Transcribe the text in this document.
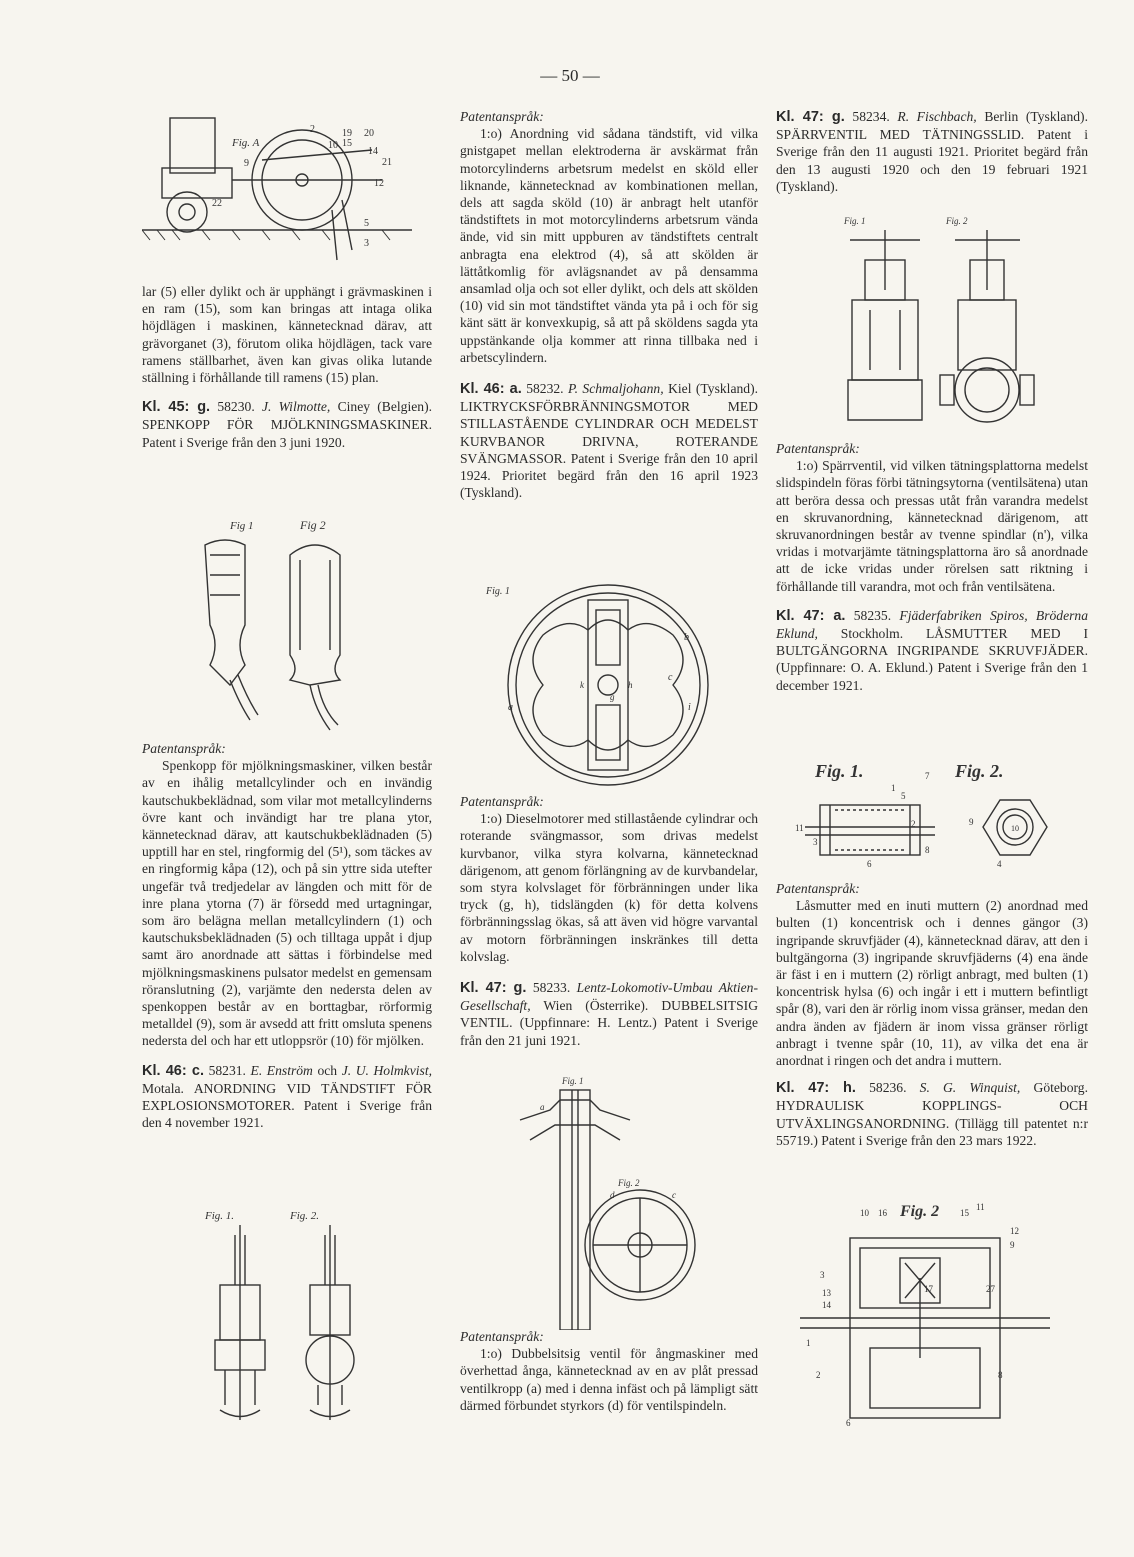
— 50 —
Fig. A
2	19 20
10 15
14
21
9
12
22
5
3

lar (5) eller dylikt och är upphängt i grävmaskinen i en ram (15), som kan bringas att intaga olika höjdlägen i maskinen, kännetecknad därav, att grävorganet (3), förutom olika höjdlägen, tack vare ramens ställbarhet, även kan givas olika lutande ställning i förhållande till ramens (15) plan.

Kl. 45: g. 58230. J. Wilmotte, Ciney (Belgien). SPENKOPP FÖR MJÖLKNINGSMASKINER. Patent i Sverige från den 3 juni 1920.

Fig 1	Fig 2

Patentanspråk:

Spenkopp för mjölkningsmaskiner, vilken består av en ihålig metallcylinder och en invändig kautschukbeklädnad, som vilar mot metallcylinderns övre kant och invändigt har tre plana ytor, kännetecknad därav, att kautschukbeklädnaden (5) upptill har en stel, ringformig del (5¹), som täckes av en ringformig kåpa (12), och på sin yttre sida utefter ungefär två tredjedelar av längden och mitt för de inre plana ytorna (7) är försedd med urtagningar, som äro belägna mellan metallcylindern (1) och kautschuksbeklädnaden (5) och tilltaga uppåt i djup samt äro anordnade att sättas i förbindelse med mjölkningsmaskinens pulsator medelst en gemensam röranslutning (2), varjämte den nedersta delen av spenkoppen består av en borttagbar, rörformig metalldel (9), som är avsedd att fritt omsluta spenens nedersta del och har ett utloppsrör (10) för mjölken.

Kl. 46: c. 58231. E. Enström och J. U. Holmkvist, Motala. ANORDNING VID TÄNDSTIFT FÖR EXPLOSIONSMOTORER. Patent i Sverige från den 4 november 1921.

Fig. 1.	Fig. 2.

Patentanspråk:

1:o) Anordning vid sådana tändstift, vid vilka gnistgapet mellan elektroderna är avskärmat från motorcylinderns arbetsrum medelst en sköld eller liknande, kännetecknad av kombinationen mellan, dels att sagda sköld (10) är anbragt helt utanför tändstiftets in mot motorcylinderns arbetsrum vända ände, vid sin mitt uppburen av tändstiftets centralt anbragta ena elektrod (4), så att skölden är lättåtkomlig för avlägsnandet av på densamma ansamlad olja och sot eller dylikt, och dels att skölden (10) vid sin mot tändstiftet vända yta på i och för sig känt sätt är konvexkupig, så att på sköldens sagda yta uppstänkande olja kommer att rinna tillbaka ned i arbetscylindern.

Kl. 46: a. 58232. P. Schmaljohann, Kiel (Tyskland). LIKTRYCKSFÖRBRÄNNINGSMOTOR MED STILLASTÅENDE CYLINDRAR OCH MEDELST KURVBANOR DRIVNA, ROTERANDE SVÄNGMASSOR. Patent i Sverige från den 10 april 1924. Prioritet begärd från den 16 april 1923 (Tyskland).

Fig. 1
b
c
k	h
g
a	i

Patentanspråk:

1:o) Dieselmotorer med stillastående cylindrar och roterande svängmassor, som drivas medelst kurvbanor, vilka styra kolvarna, kännetecknad därigenom, att genom förlängning av de kurvbandelar, som styra kolvslaget för förbränningen under lika tryck (g, h), tidslängden (k) för detta kolvens förbränningsslag ökas, så att även vid högre varvantal av motorn förbränningen inskränkes till detta kolvslag.

Kl. 47: g. 58233. Lentz-Lokomotiv-Umbau Aktien-Gesellschaft, Wien (Österrike). DUBBELSITSIG VENTIL. (Uppfinnare: H. Lentz.) Patent i Sverige från den 21 juni 1921.

Fig. 1
Fig. 2
a
d	c

Patentanspråk:

1:o) Dubbelsitsig ventil för ångmaskiner med överhettad ånga, kännetecknad av en av plåt pressad ventilkropp (a) med i denna infäst och på lämpligt sätt därmed förbundet styrkors (d) för ventilspindeln.

Kl. 47: g. 58234. R. Fischbach, Berlin (Tyskland). SPÄRRVENTIL MED TÄTNINGSSLID. Patent i Sverige från den 11 augusti 1921. Prioritet begärd från den 13 augusti 1920 och den 19 februari 1921 (Tyskland).

Fig. 1	Fig. 2

Patentanspråk:

1:o) Spärrventil, vid vilken tätningsplattorna medelst slidspindeln föras förbi tätningsytorna (ventilsätena) utan att beröra dessa och pressas utåt från varandra medelst en skruvanordning, kännetecknad därigenom, att skruvanordningen består av tvenne spindlar (n'), vilka vridas i motvarjämte tätningsplattorna äro så anordnade att de icke vridas under rörelsen satt riktning i förhållande till varandra, mot och från ventilsätena.

Kl. 47: a. 58235. Fjäderfabriken Spiros, Bröderna Eklund, Stockholm. LÅSMUTTER MED I BULTGÄNGORNA INGRIPANDE SKRUVFJÄDER. (Uppfinnare: O. A. Eklund.) Patent i Sverige från den 1 december 1921.

Fig. 1.	Fig. 2.
1
2
3
4
5
6
7
8
9
10
11

Patentanspråk:

Låsmutter med en inuti muttern (2) anordnad med bulten (1) koncentrisk och i dennes gängor (3) ingripande skruvfjäder (4), kännetecknad därav, att den i bultgängorna (3) ingripande skruvfjäderns (4) ena ände är fäst i en i muttern (2) rörligt anbragt, med bulten (1) koncentrisk hylsa (6) och ingår i ett i muttern befintligt spår (8), vari den är rörlig inom vissa gränser, medan den andra änden av fjädern är inom vissa gränser rörligt anbragt i tvenne spår (10, 11), av vilka det ena är anordnat i ringen och det andra i muttern.

Kl. 47: h. 58236. S. G. Winquist, Göteborg. HYDRAULISK KOPPLINGS- OCH UTVÄXLINGSANORDNING. (Tillägg till patentet n:r 55719.) Patent i Sverige från den 23 mars 1922.

Fig. 2
10 16	15
11
12
9
3
13
14
17	27
1
2
6
8
